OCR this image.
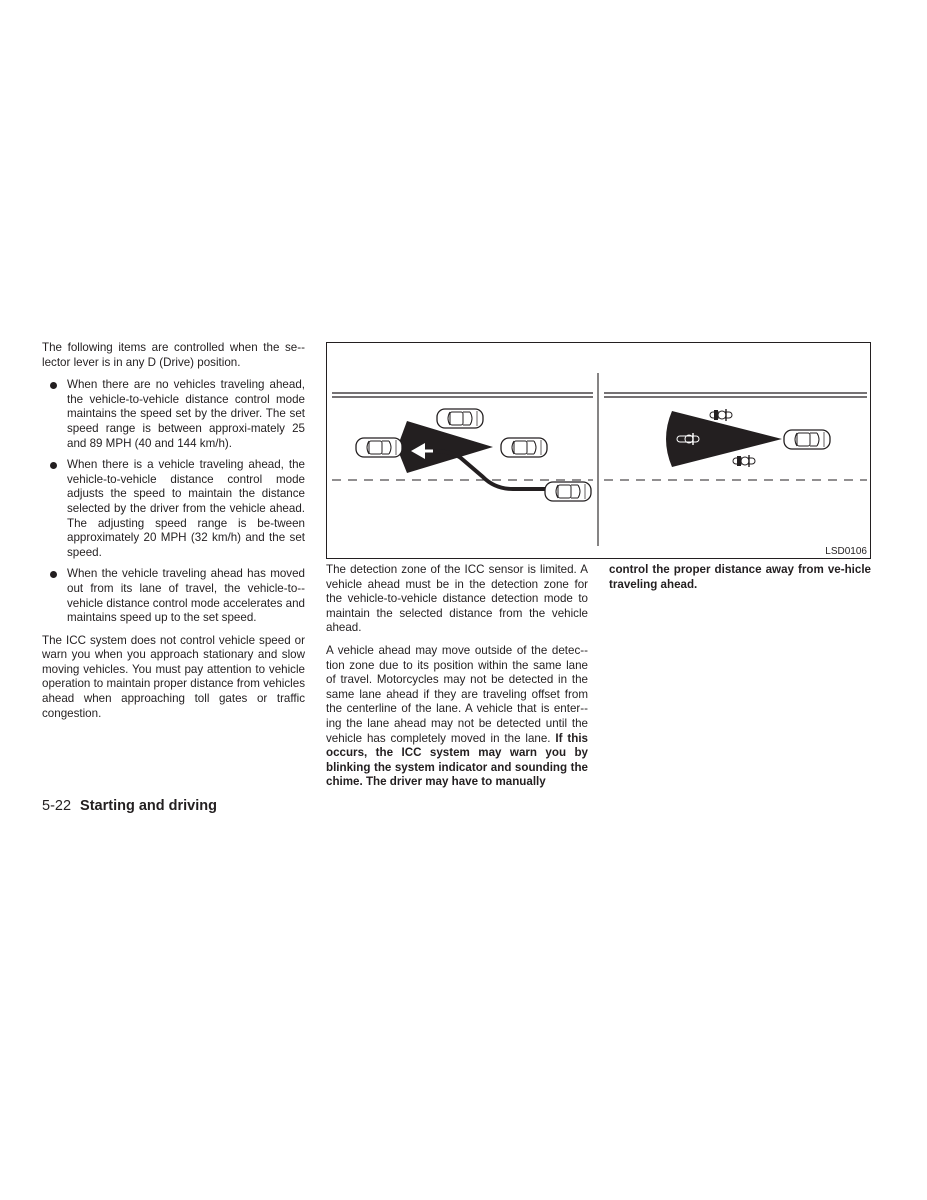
The following items are controlled when the se-lector lever is in any D (Drive) position.

When there are no vehicles traveling ahead, the vehicle-to-vehicle distance control mode maintains the speed set by the driver. The set speed range is between approxi-mately 25 and 89 MPH (40 and 144 km/h).
When there is a vehicle traveling ahead, the vehicle-to-vehicle distance control mode adjusts the speed to maintain the distance selected by the driver from the vehicle ahead. The adjusting speed range is be-tween approximately 20 MPH (32 km/h) and the set speed.
When the vehicle traveling ahead has moved out from its lane of travel, the vehicle-to-vehicle distance control mode accelerates and maintains speed up to the set speed.

The ICC system does not control vehicle speed or warn you when you approach stationary and slow moving vehicles. You must pay attention to vehicle operation to maintain proper distance from vehicles ahead when approaching toll gates or traffic congestion.

LSD0106

The detection zone of the ICC sensor is limited. A vehicle ahead must be in the detection zone for the vehicle-to-vehicle distance detection mode to maintain the selected distance from the vehicle ahead.

A vehicle ahead may move outside of the detec-tion zone due to its position within the same lane of travel. Motorcycles may not be detected in the same lane ahead if they are traveling offset from the centerline of the lane. A vehicle that is enter-ing the lane ahead may not be detected until the vehicle has completely moved in the lane. If this occurs, the ICC system may warn you by blinking the system indicator and sounding the chime. The driver may have to manually

control the proper distance away from ve-hicle traveling ahead.

5-22 Starting and driving
